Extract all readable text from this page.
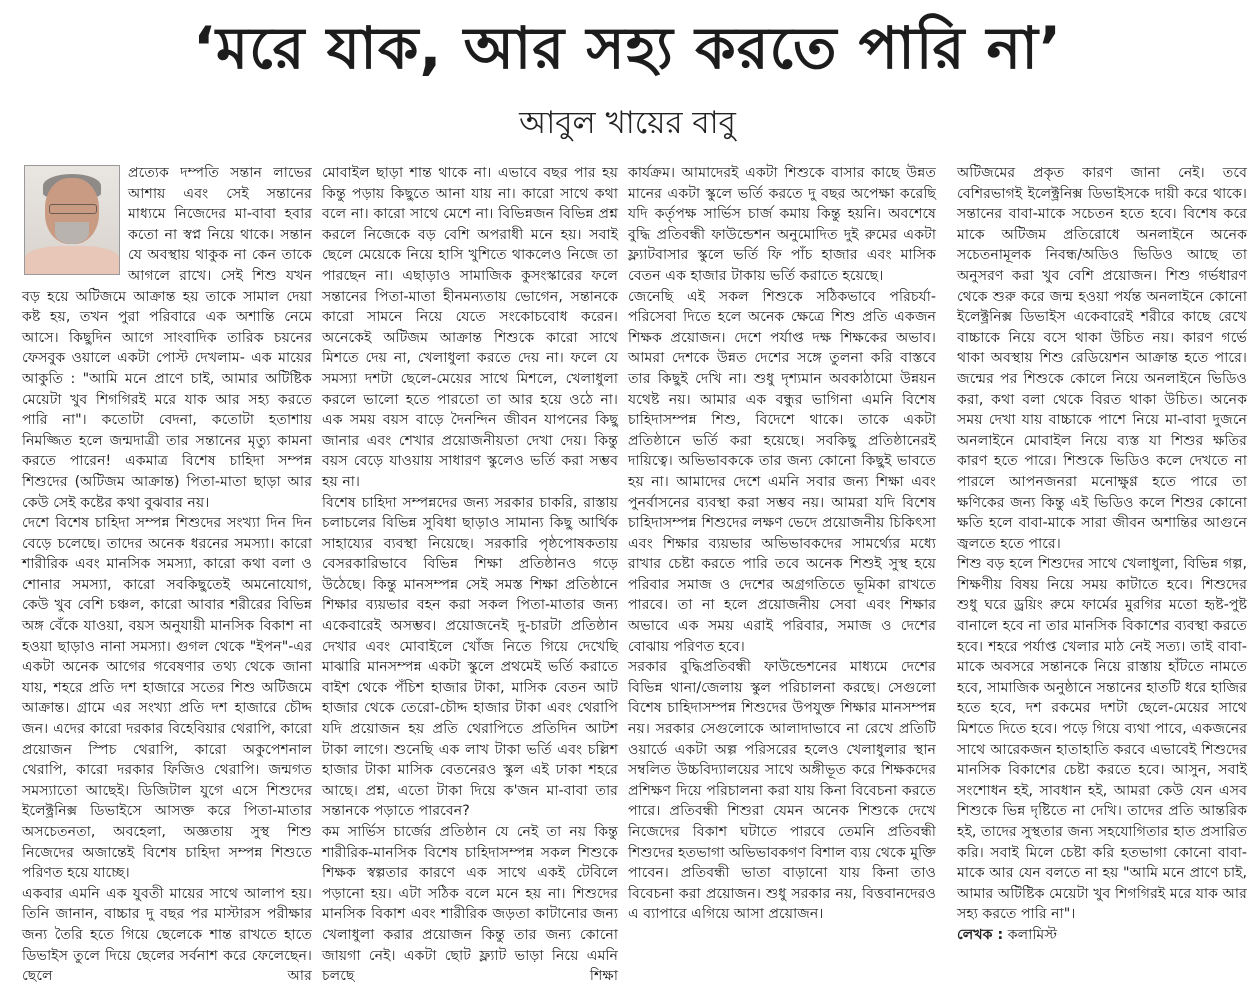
‘মরে যাক, আর সহ্য করতে পারি না’
আবুল খায়ের বাবু

প্রত্যেক দম্পতি সন্তান লাভের আশায় এবং সেই সন্তানের মাধ্যমে নিজেদের মা-বাবা হবার কতো না স্বপ্ন নিয়ে থাকে। সন্তান যে অবস্থায় থাকুক না কেন তাকে আগলে রাখে। সেই শিশু যখন বড় হয়ে অটিজমে আক্রান্ত হয় তাকে সামাল দেয়া কষ্ট হয়, তখন পুরা পরিবারে এক অশান্তি নেমে আসে। কিছুদিন আগে সাংবাদিক তারিক চয়নের ফেসবুক ওয়ালে একটা পোস্ট দেখলাম- এক মায়ের আকুতি : "আমি মনে প্রাণে চাই, আমার অটিষ্টিক মেয়েটা খুব শিগগিরই মরে যাক আর সহ্য করতে পারি না"। কতোটা বেদনা, কতোটা হতাশায় নিমজ্জিত হলে জন্মদাত্রী তার সন্তানের মৃত্যু কামনা করতে পারেন! একমাত্র বিশেষ চাহিদা সম্পন্ন শিশুদের (অটিজম আক্রান্ত) পিতা-মাতা ছাড়া আর কেউ সেই কষ্টের কথা বুঝবার নয়।

দেশে বিশেষ চাহিদা সম্পন্ন শিশুদের সংখ্যা দিন দিন বেড়ে চলেছে। তাদের অনেক ধরনের সমস্যা। কারো শারীরিক এবং মানসিক সমস্যা, কারো কথা বলা ও শোনার সমস্যা, কারো সবকিছুতেই অমনোযোগ, কেউ খুব বেশি চঞ্চল, কারো আবার শরীরের বিভিন্ন অঙ্গ বেঁকে যাওয়া, বয়স অনুযায়ী মানসিক বিকাশ না হওয়া ছাড়াও নানা সমস্যা। গুগল থেকে "ইপন"-এর একটা অনেক আগের গবেষণার তথ্য থেকে জানা যায়, শহরে প্রতি দশ হাজারে সতের শিশু অটিজমে আক্রান্ত। গ্রামে এর সংখ্যা প্রতি দশ হাজারে চৌদ্দ জন। এদের কারো দরকার বিহেবিয়ার থেরাপি, কারো প্রয়োজন স্পিচ থেরাপি, কারো অকুপেশনাল থেরাপি, কারো দরকার ফিজিও থেরাপি। জন্মগত সমস্যাতো আছেই। ডিজিটাল যুগে এসে শিশুদের ইলেক্ট্রনিক্স ডিভাইসে আসক্ত করে পিতা-মাতার অসচেতনতা, অবহেলা, অজ্ঞতায় সুস্থ শিশু নিজেদের অজান্তেই বিশেষ চাহিদা সম্পন্ন শিশুতে পরিণত হয়ে যাচ্ছে।

একবার এমনি এক যুবতী মায়ের সাথে আলাপ হয়। তিনি জানান, বাচ্চার দু বছর পর মাস্টারস পরীক্ষার জন্য তৈরি হতে গিয়ে ছেলেকে শান্ত রাখতে হাতে ডিভাইস তুলে দিয়ে ছেলের সর্বনাশ করে ফেলেছেন। ছেলে আর

মোবাইল ছাড়া শান্ত থাকে না। এভাবে বছর পার হয় কিন্তু পড়ায় কিছুতে আনা যায় না। কারো সাথে কথা বলে না। কারো সাথে মেশে না। বিভিন্নজন বিভিন্ন প্রশ্ন করলে নিজেকে বড় বেশি অপরাধী মনে হয়। সবাই ছেলে মেয়েকে নিয়ে হাসি খুশিতে থাকলেও নিজে তা পারছেন না। এছাড়াও সামাজিক কুসংস্কারের ফলে সন্তানের পিতা-মাতা হীনমন্যতায় ভোগেন, সন্তানকে কারো সামনে নিয়ে যেতে সংকোচবোধ করেন। অনেকেই অটিজম আক্রান্ত শিশুকে কারো সাথে মিশতে দেয় না, খেলাধুলা করতে দেয় না। ফলে যে সমস্যা দশটা ছেলে-মেয়ের সাথে মিশলে, খেলাধুলা করলে ভালো হতে পারতো তা আর হয়ে ওঠে না। এক সময় বয়স বাড়ে দৈনন্দিন জীবন যাপনের কিছু জানার এবং শেখার প্রয়োজনীয়তা দেখা দেয়। কিন্তু বয়স বেড়ে যাওয়ায় সাধারণ স্কুলেও ভর্তি করা সম্ভব হয় না।

বিশেষ চাহিদা সম্পন্নদের জন্য সরকার চাকরি, রাস্তায় চলাচলের বিভিন্ন সুবিধা ছাড়াও সামান্য কিছু আর্থিক সাহায্যের ব্যবস্থা নিয়েছে। সরকারি পৃষ্ঠপোষকতায় বেসরকারিভাবে বিভিন্ন শিক্ষা প্রতিষ্ঠানও গড়ে উঠেছে। কিন্তু মানসম্পন্ন সেই সমস্ত শিক্ষা প্রতিষ্ঠানে শিক্ষার ব্যয়ভার বহন করা সকল পিতা-মাতার জন্য একেবারেই অসম্ভব। প্রয়োজনেই দু-চারটা প্রতিষ্ঠান দেখার এবং মোবাইলে খোঁজ নিতে গিয়ে দেখেছি মাঝারি মানসম্পন্ন একটা স্কুলে প্রথমেই ভর্তি করাতে বাইশ থেকে পঁচিশ হাজার টাকা, মাসিক বেতন আট হাজার থেকে তেরো-চৌদ্দ হাজার টাকা এবং থেরাপি যদি প্রয়োজন হয় প্রতি থেরাপিতে প্রতিদিন আটশ টাকা লাগে। শুনেছি এক লাখ টাকা ভর্তি এবং চল্লিশ হাজার টাকা মাসিক বেতনেরও স্কুল এই ঢাকা শহরে আছে। প্রশ্ন, এতো টাকা দিয়ে ক'জন মা-বাবা তার সন্তানকে পড়াতে পারবেন?

কম সার্ভিস চার্জের প্রতিষ্ঠান যে নেই তা নয় কিন্তু শারীরিক-মানসিক বিশেষ চাহিদাসম্পন্ন সকল শিশুকে শিক্ষক স্বল্পতার কারণে এক সাথে একই টেবিলে পড়ানো হয়। এটা সঠিক বলে মনে হয় না। শিশুদের মানসিক বিকাশ এবং শারীরিক জড়তা কাটানোর জন্য খেলাধুলা করার প্রয়োজন কিন্তু তার জন্য কোনো জায়গা নেই। একটা ছোট ফ্ল্যাট ভাড়া নিয়ে এমনি চলছে শিক্ষা

কার্যক্রম। আমাদেরই একটা শিশুকে বাসার কাছে উন্নত মানের একটা স্কুলে ভর্তি করতে দু বছর অপেক্ষা করেছি যদি কর্তৃপক্ষ সার্ভিস চার্জ কমায় কিন্তু হয়নি। অবশেষে বুদ্ধি প্রতিবন্ধী ফাউন্ডেশন অনুমোদিত দুই রুমের একটা ফ্ল্যাটবাসার স্কুলে ভর্তি ফি পাঁচ হাজার এবং মাসিক বেতন এক হাজার টাকায় ভর্তি করাতে হয়েছে।

জেনেছি এই সকল শিশুকে সঠিকভাবে পরিচর্যা-পরিসেবা দিতে হলে অনেক ক্ষেত্রে শিশু প্রতি একজন শিক্ষক প্রয়োজন। দেশে পর্যাপ্ত দক্ষ শিক্ষকের অভাব। আমরা দেশকে উন্নত দেশের সঙ্গে তুলনা করি বাস্তবে তার কিছুই দেখি না। শুধু দৃশ্যমান অবকাঠামো উন্নয়ন যথেষ্ট নয়। আমার এক বন্ধুর ভাগিনা এমনি বিশেষ চাহিদাসম্পন্ন শিশু, বিদেশে থাকে। তাকে একটা প্রতিষ্ঠানে ভর্তি করা হয়েছে। সবকিছু প্রতিষ্ঠানেরই দায়িত্বে। অভিভাবককে তার জন্য কোনো কিছুই ভাবতে হয় না। আমাদের দেশে এমনি সবার জন্য শিক্ষা এবং পুনর্বাসনের ব্যবস্থা করা সম্ভব নয়। আমরা যদি বিশেষ চাহিদাসম্পন্ন শিশুদের লক্ষণ ভেদে প্রয়োজনীয় চিকিৎসা এবং শিক্ষার ব্যয়ভার অভিভাবকদের সামর্থ্যের মধ্যে রাখার চেষ্টা করতে পারি তবে অনেক শিশুই সুস্থ হয়ে পরিবার সমাজ ও দেশের অগ্রগতিতে ভূমিকা রাখতে পারবে। তা না হলে প্রয়োজনীয় সেবা এবং শিক্ষার অভাবে এক সময় এরাই পরিবার, সমাজ ও দেশের বোঝায় পরিণত হবে।

সরকার বুদ্ধিপ্রতিবন্ধী ফাউন্ডেশনের মাধ্যমে দেশের বিভিন্ন থানা/জেলায় স্কুল পরিচালনা করছে। সেগুলো বিশেষ চাহিদাসম্পন্ন শিশুদের উপযুক্ত শিক্ষার মানসম্পন্ন নয়। সরকার সেগুলোকে আলাদাভাবে না রেখে প্রতিটি ওয়ার্ডে একটা অল্প পরিসরের হলেও খেলাধুলার স্থান সম্বলিত উচ্চবিদ্যালয়ের সাথে অঙ্গীভূত করে শিক্ষকদের প্রশিক্ষণ দিয়ে পরিচালনা করা যায় কিনা বিবেচনা করতে পারে। প্রতিবন্ধী শিশুরা যেমন অনেক শিশুকে দেখে নিজেদের বিকাশ ঘটাতে পারবে তেমনি প্রতিবন্ধী শিশুদের হতভাগা অভিভাবকগণ বিশাল ব্যয় থেকে মুক্তি পাবেন। প্রতিবন্ধী ভাতা বাড়ানো যায় কিনা তাও বিবেচনা করা প্রয়োজন। শুধু সরকার নয়, বিত্তবানদেরও এ ব্যাপারে এগিয়ে আসা প্রয়োজন।

অটিজমের প্রকৃত কারণ জানা নেই। তবে বেশিরভাগই ইলেক্ট্রনিক্স ডিভাইসকে দায়ী করে থাকে। সন্তানের বাবা-মাকে সচেতন হতে হবে। বিশেষ করে মাকে অটিজম প্রতিরোধে অনলাইনে অনেক সচেতনামূলক নিবন্ধ/অডিও ভিডিও আছে তা অনুসরণ করা খুব বেশি প্রয়োজন। শিশু গর্ভধারণ থেকে শুরু করে জন্ম হওয়া পর্যন্ত অনলাইনে কোনো ইলেক্ট্রনিক্স ডিভাইস একেবারেই শরীরে কাছে রেখে বাচ্চাকে নিয়ে বসে থাকা উচিত নয়। কারণ গর্ভে থাকা অবস্থায় শিশু রেডিয়েশন আক্রান্ত হতে পারে। জন্মের পর শিশুকে কোলে নিয়ে অনলাইনে ভিডিও করা, কথা বলা থেকে বিরত থাকা উচিত। অনেক সময় দেখা যায় বাচ্চাকে পাশে নিয়ে মা-বাবা দুজনে অনলাইনে মোবাইল নিয়ে ব্যস্ত যা শিশুর ক্ষতির কারণ হতে পারে। শিশুকে ভিডিও কলে দেখতে না পারলে আপনজনরা মনোক্ষুণ্ণ হতে পারে তা ক্ষণিকের জন্য কিন্তু এই ভিডিও কলে শিশুর কোনো ক্ষতি হলে বাবা-মাকে সারা জীবন অশান্তির আগুনে জ্বলতে হতে পারে।

শিশু বড় হলে শিশুদের সাথে খেলাধুলা, বিভিন্ন গল্প, শিক্ষণীয় বিষয় নিয়ে সময় কাটাতে হবে। শিশুদের শুধু ঘরে ড্রয়িং রুমে ফার্মের মুরগির মতো হৃষ্ট-পুষ্ট বানালে হবে না তার মানসিক বিকাশের ব্যবস্থা করতে হবে। শহরে পর্যাপ্ত খেলার মাঠ নেই সত্য। তাই বাবা-মাকে অবসরে সন্তানকে নিয়ে রাস্তায় হাঁটতে নামতে হবে, সামাজিক অনুষ্ঠানে সন্তানের হাতটি ধরে হাজির হতে হবে, দশ রকমের দশটা ছেলে-মেয়ের সাথে মিশতে দিতে হবে। পড়ে গিয়ে ব্যথা পাবে, একজনের সাথে আরেকজন হাতাহাতি করবে এভাবেই শিশুদের মানসিক বিকাশের চেষ্টা করতে হবে। আসুন, সবাই সংশোধন হই, সাবধান হই, আমরা কেউ যেন এসব শিশুকে ভিন্ন দৃষ্টিতে না দেখি। তাদের প্রতি আন্তরিক হই, তাদের সুস্থতার জন্য সহযোগিতার হাত প্রসারিত করি। সবাই মিলে চেষ্টা করি হতভাগা কোনো বাবা-মাকে আর যেন বলতে না হয় "আমি মনে প্রাণে চাই, আমার অটিষ্টিক মেয়েটা খুব শিগগিরই মরে যাক আর সহ্য করতে পারি না"।

লেখক : কলামিস্ট
